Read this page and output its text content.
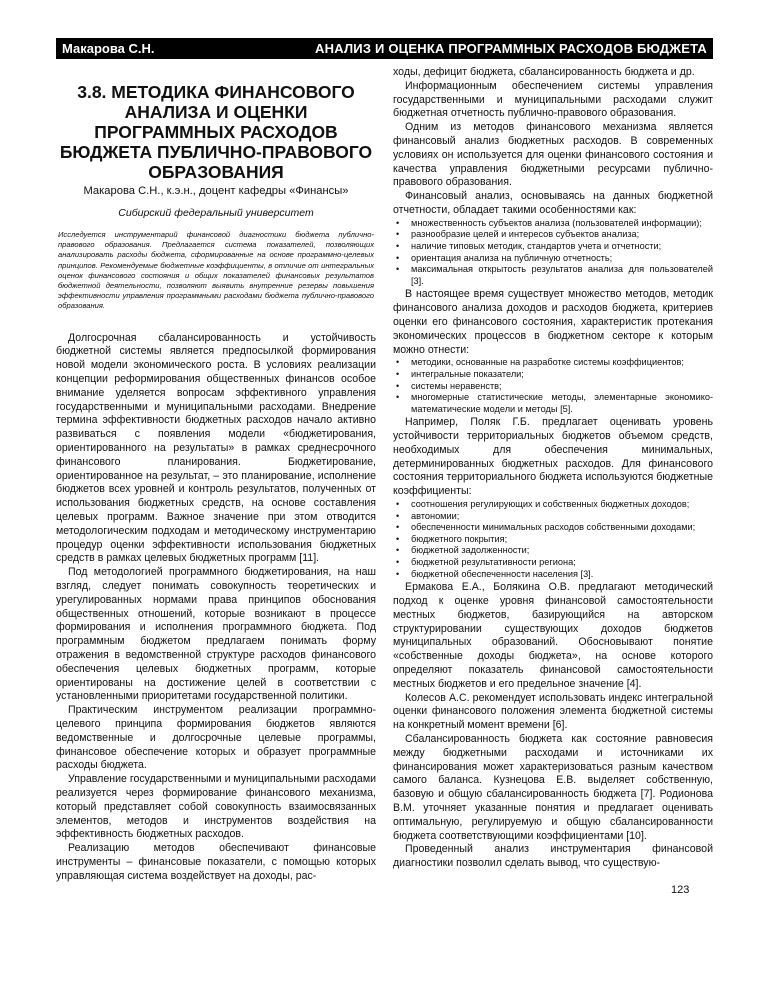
Макарова С.Н.	АНАЛИЗ И ОЦЕНКА ПРОГРАММНЫХ РАСХОДОВ БЮДЖЕТА
3.8. МЕТОДИКА ФИНАНСОВОГО АНАЛИЗА И ОЦЕНКИ ПРОГРАММНЫХ РАСХОДОВ БЮДЖЕТА ПУБЛИЧНО-ПРАВОВОГО ОБРАЗОВАНИЯ
Макарова С.Н., к.э.н., доцент кафедры «Финансы»
Сибирский федеральный университет
Исследуется инструментарий финансовой диагностики бюджета публично-правового образования. Предлагается система показателей, позволяющих анализировать расходы бюджета, сформированные на основе программно-целевых принципов. Рекомендуемые бюджетные коэффициенты, в отличие от интегральных оценок финансового состояния и общих показателей финансовых результатов бюджетной деятельности, позволяют выявить внутренние резервы повышения эффективности управления программными расходами бюджета публично-правового образования.

Долгосрочная сбалансированность и устойчивость бюджетной системы является предпосылкой формирования новой модели экономического роста. В условиях реализации концепции реформирования общественных финансов особое внимание уделяется вопросам эффективного управления государственными и муниципальными расходами. Внедрение термина эффективности бюджетных расходов начало активно развиваться с появления модели «бюджетирования, ориентированного на результаты» в рамках среднесрочного финансового планирования. Бюджетирование, ориентированное на результат, – это планирование, исполнение бюджетов всех уровней и контроль результатов, полученных от использования бюджетных средств, на основе составления целевых программ. Важное значение при этом отводится методологическим подходам и методическому инструментарию процедур оценки эффективности использования бюджетных средств в рамках целевых бюджетных программ [11].

Под методологией программного бюджетирования, на наш взгляд, следует понимать совокупность теоретических и урегулированных нормами права принципов обоснования общественных отношений, которые возникают в процессе формирования и исполнения программного бюджета. Под программным бюджетом предлагаем понимать форму отражения в ведомственной структуре расходов финансового обеспечения целевых бюджетных программ, которые ориентированы на достижение целей в соответствии с установленными приоритетами государственной политики.

Практическим инструментом реализации программно-целевого принципа формирования бюджетов являются ведомственные и долгосрочные целевые программы, финансовое обеспечение которых и образует программные расходы бюджета.

Управление государственными и муниципальными расходами реализуется через формирование финансового механизма, который представляет собой совокупность взаимосвязанных элементов, методов и инструментов воздействия на эффективность бюджетных расходов.

Реализацию методов обеспечивают финансовые инструменты – финансовые показатели, с помощью которых управляющая система воздействует на доходы, рас-

ходы, дефицит бюджета, сбалансированность бюджета и др.

Информационным обеспечением системы управления государственными и муниципальными расходами служит бюджетная отчетность публично-правового образования.

Одним из методов финансового механизма является финансовый анализ бюджетных расходов. В современных условиях он используется для оценки финансового состояния и качества управления бюджетными ресурсами публично-правового образования.

Финансовый анализ, основываясь на данных бюджетной отчетности, обладает такими особенностями как:

• множественность субъектов анализа (пользователей информации);
• разнообразие целей и интересов субъектов анализа;
• наличие типовых методик, стандартов учета и отчетности;
• ориентация анализа на публичную отчетность;
• максимальная открытость результатов анализа для пользователей [3].

В настоящее время существует множество методов, методик финансового анализа доходов и расходов бюджета, критериев оценки его финансового состояния, характеристик протекания экономических процессов в бюджетном секторе к которым можно отнести:

• методики, основанные на разработке системы коэффициентов;
• интегральные показатели;
• системы неравенств;
• многомерные статистические методы, элементарные экономико-математические модели и методы [5].

Например, Поляк Г.Б. предлагает оценивать уровень устойчивости территориальных бюджетов объемом средств, необходимых для обеспечения минимальных, детерминированных бюджетных расходов. Для финансового состояния территориального бюджета используются бюджетные коэффициенты:

• соотношения регулирующих и собственных бюджетных доходов;
• автономии;
• обеспеченности минимальных расходов собственными доходами;
• бюджетного покрытия;
• бюджетной задолженности;
• бюджетной результативности региона;
• бюджетной обеспеченности населения [3].

Ермакова Е.А., Болякина О.В. предлагают методический подход к оценке уровня финансовой самостоятельности местных бюджетов, базирующийся на авторском структурировании существующих доходов бюджетов муниципальных образований. Обосновывают понятие «собственные доходы бюджета», на основе которого определяют показатель финансовой самостоятельности местных бюджетов и его предельное значение [4].

Колесов А.С. рекомендует использовать индекс интегральной оценки финансового положения элемента бюджетной системы на конкретный момент времени [6].

Сбалансированность бюджета как состояние равновесия между бюджетными расходами и источниками их финансирования может характеризоваться разным качеством самого баланса. Кузнецова Е.В. выделяет собственную, базовую и общую сбалансированность бюджета [7]. Родионова В.М. уточняет указанные понятия и предлагает оценивать оптимальную, регулируемую и общую сбалансированности бюджета соответствующими коэффициентами [10].

Проведенный анализ инструментария финансовой диагностики позволил сделать вывод, что существую-

123
